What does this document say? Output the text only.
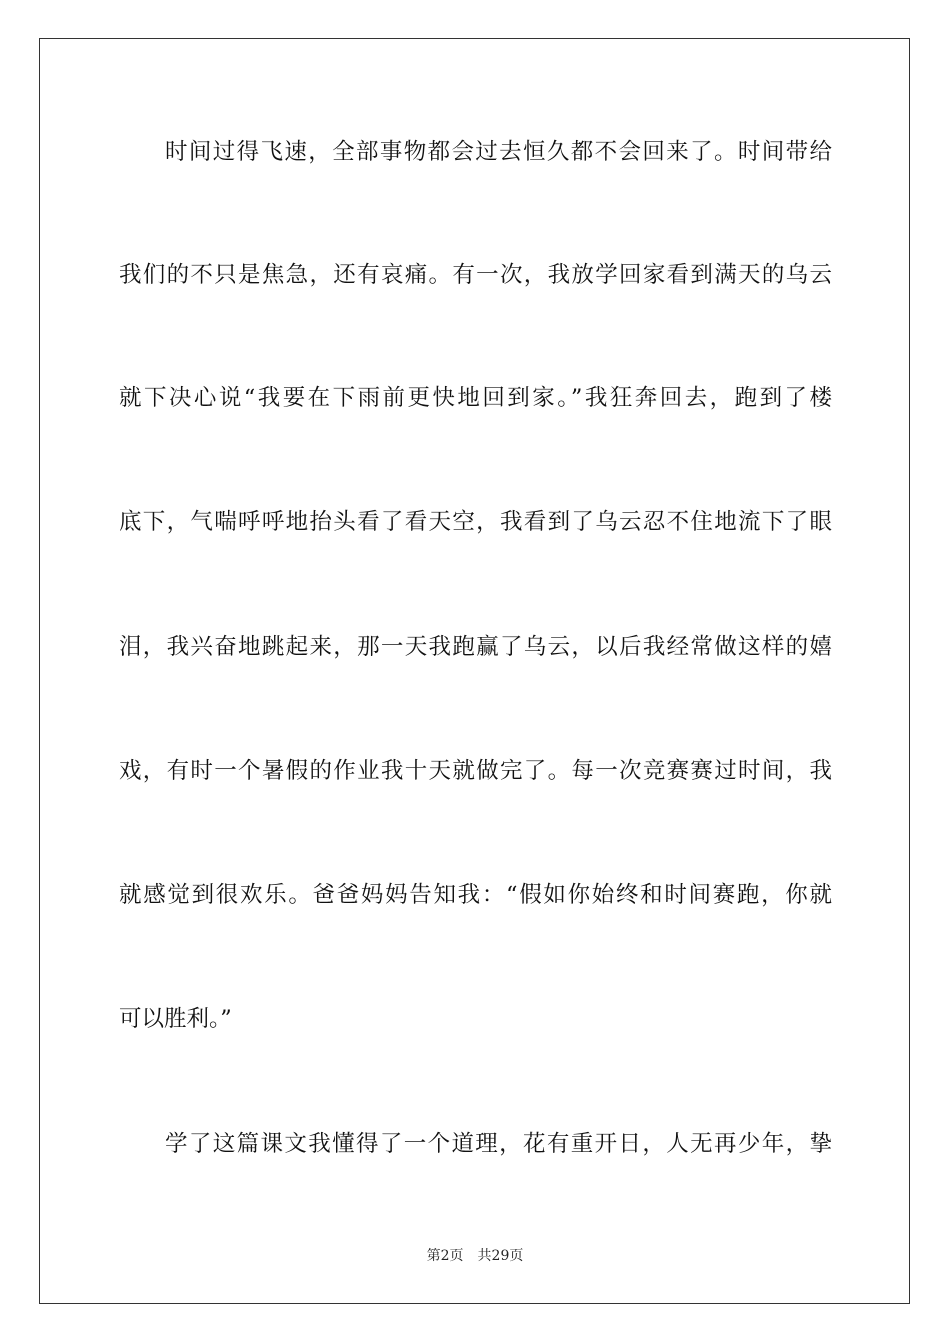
时间过得飞速，全部事物都会过去恒久都不会回来了。时间带给
我们的不只是焦急，还有哀痛。有一次，我放学回家看到满天的乌云
就下决心说“我要在下雨前更快地回到家。”我狂奔回去，跑到了楼
底下，气喘呼呼地抬头看了看天空，我看到了乌云忍不住地流下了眼
泪，我兴奋地跳起来，那一天我跑赢了乌云，以后我经常做这样的嬉
戏，有时一个暑假的作业我十天就做完了。每一次竞赛赛过时间，我
就感觉到很欢乐。爸爸妈妈告知我：“假如你始终和时间赛跑，你就
可以胜利。”
学了这篇课文我懂得了一个道理，花有重开日，人无再少年，挚
第2页 共29页
